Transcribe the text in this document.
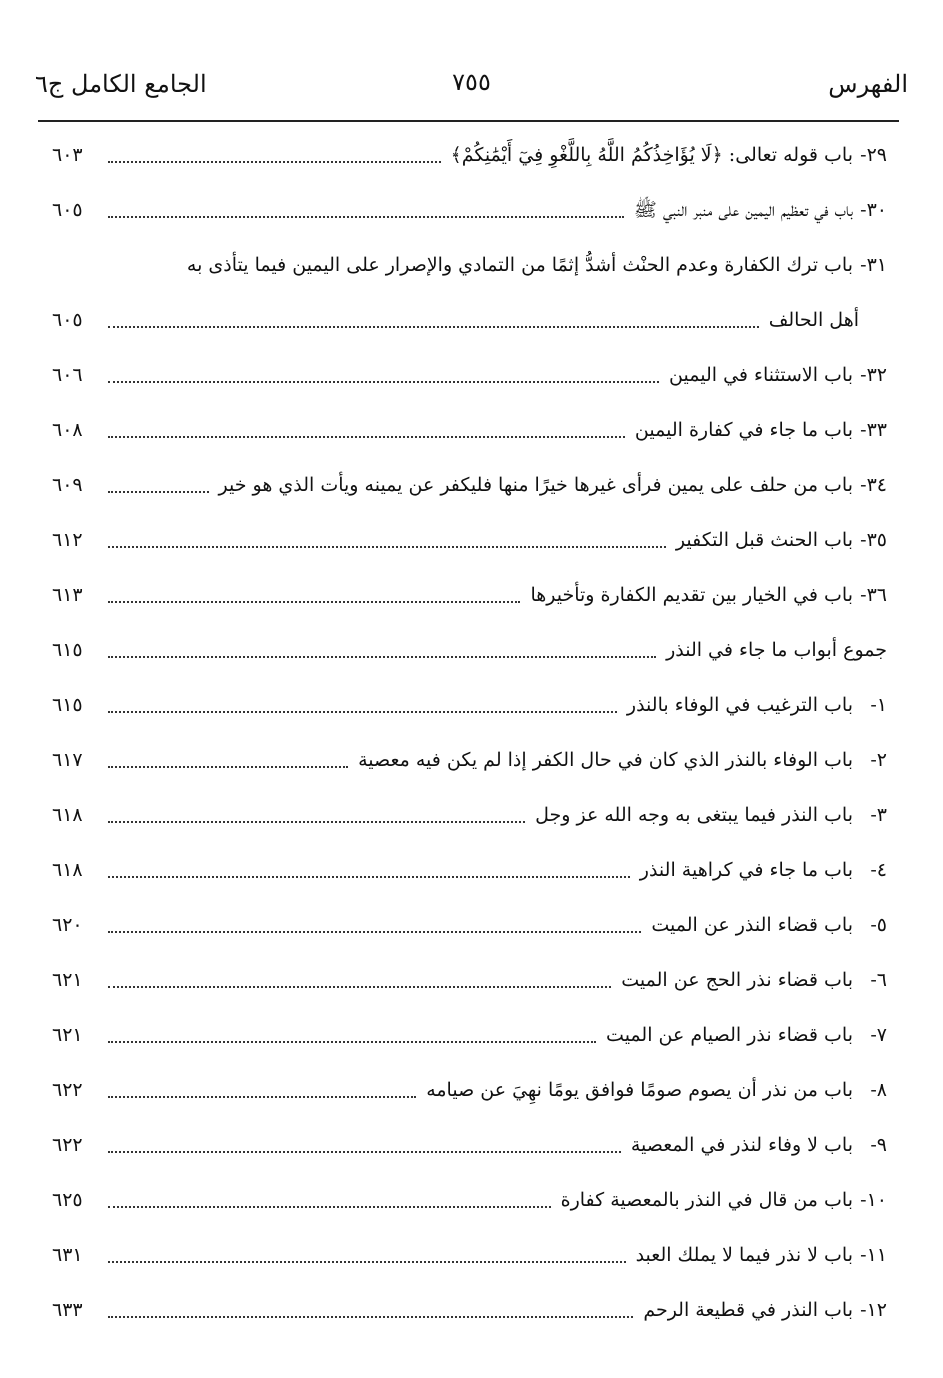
الفهرس
٧٥٥
الجامع الكامل ج٦
٢٩-
باب قوله تعالى: ﴿لَا يُؤَاخِذُكُمُ اللَّهُ بِاللَّغْوِ فِيٓ أَيْمَٰنِكُمْ﴾
٦٠٣
٣٠-
باب في تعظيم اليمين على منبر النبي ﷺ
٦٠٥
٣١-
باب ترك الكفارة وعدم الحنْث أشدُّ إثمًا من التمادي والإصرار على اليمين فيما يتأذى به
أهل الحالف
٦٠٥
٣٢-
باب الاستثناء في اليمين
٦٠٦
٣٣-
باب ما جاء في كفارة اليمين
٦٠٨
٣٤-
باب من حلف على يمين فرأى غيرها خيرًا منها فليكفر عن يمينه ويأت الذي هو خير
٦٠٩
٣٥-
باب الحنث قبل التكفير
٦١٢
٣٦-
باب في الخيار بين تقديم الكفارة وتأخيرها
٦١٣
جموع أبواب ما جاء في النذر
٦١٥
١-
باب الترغيب في الوفاء بالنذر
٦١٥
٢-
باب الوفاء بالنذر الذي كان في حال الكفر إذا لم يكن فيه معصية
٦١٧
٣-
باب النذر فيما يبتغى به وجه الله عز وجل
٦١٨
٤-
باب ما جاء في كراهية النذر
٦١٨
٥-
باب قضاء النذر عن الميت
٦٢٠
٦-
باب قضاء نذر الحج عن الميت
٦٢١
٧-
باب قضاء نذر الصيام عن الميت
٦٢١
٨-
باب من نذر أن يصوم صومًا فوافق يومًا نهِيَ عن صيامه
٦٢٢
٩-
باب لا وفاء لنذر في المعصية
٦٢٢
١٠-
باب من قال في النذر بالمعصية كفارة
٦٢٥
١١-
باب لا نذر فيما لا يملك العبد
٦٣١
١٢-
باب النذر في قطيعة الرحم
٦٣٣
